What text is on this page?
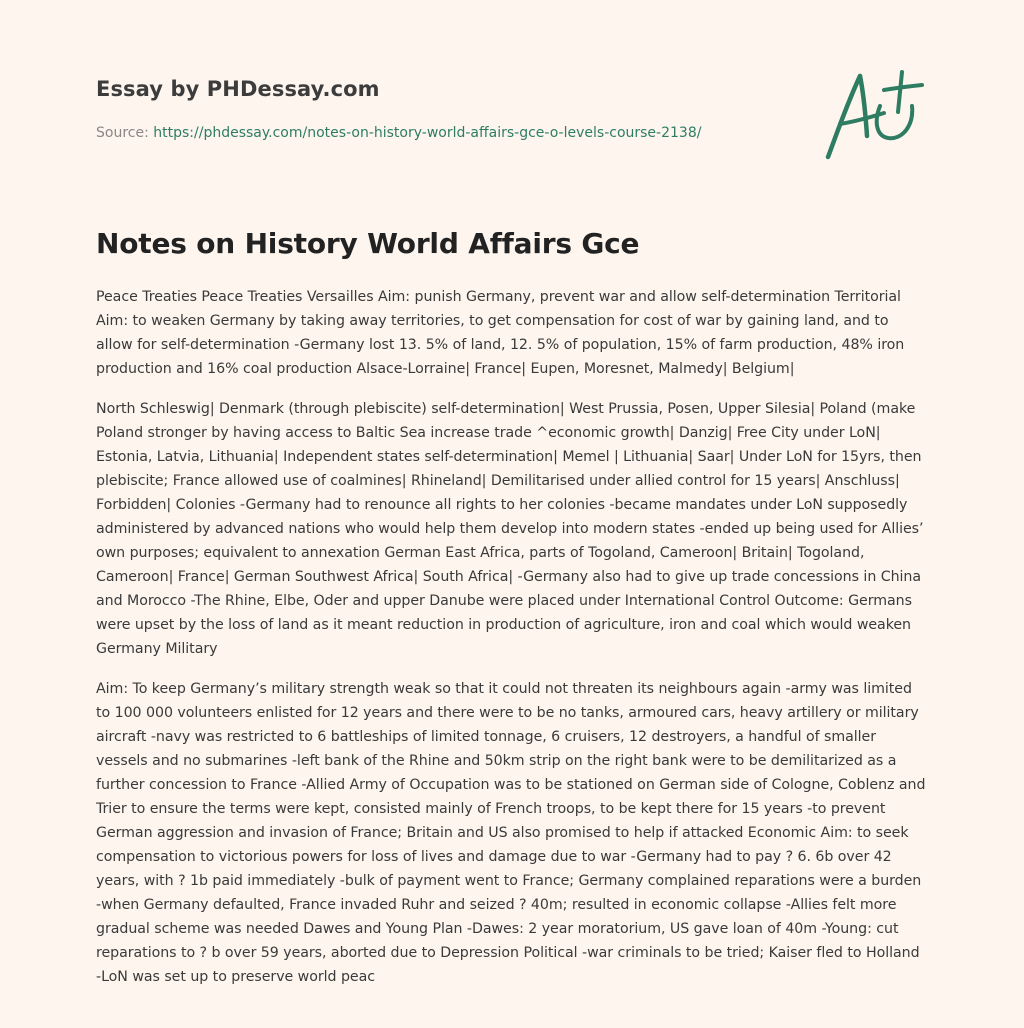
Essay by PHDessay.com
Source: https://phdessay.com/notes-on-history-world-affairs-gce-o-levels-course-2138/
Notes on History World Affairs Gce

Peace Treaties Peace Treaties Versailles Aim: punish Germany, prevent war and allow self-determination Territorial Aim: to weaken Germany by taking away territories, to get compensation for cost of war by gaining land, and to allow for self-determination -Germany lost 13. 5% of land, 12. 5% of population, 15% of farm production, 48% iron production and 16% coal production Alsace-Lorraine| France| Eupen, Moresnet, Malmedy| Belgium|

North Schleswig| Denmark (through plebiscite) self-determination| West Prussia, Posen, Upper Silesia| Poland (make Poland stronger by having access to Baltic Sea increase trade ^economic growth| Danzig| Free City under LoN| Estonia, Latvia, Lithuania| Independent states self-determination| Memel | Lithuania| Saar| Under LoN for 15yrs, then plebiscite; France allowed use of coalmines| Rhineland| Demilitarised under allied control for 15 years| Anschluss| Forbidden| Colonies -Germany had to renounce all rights to her colonies -became mandates under LoN supposedly administered by advanced nations who would help them develop into modern states -ended up being used for Allies’ own purposes; equivalent to annexation German East Africa, parts of Togoland, Cameroon| Britain| Togoland, Cameroon| France| German Southwest Africa| South Africa| -Germany also had to give up trade concessions in China and Morocco -The Rhine, Elbe, Oder and upper Danube were placed under International Control Outcome: Germans were upset by the loss of land as it meant reduction in production of agriculture, iron and coal which would weaken Germany Military

Aim: To keep Germany’s military strength weak so that it could not threaten its neighbours again -army was limited to 100 000 volunteers enlisted for 12 years and there were to be no tanks, armoured cars, heavy artillery or military aircraft -navy was restricted to 6 battleships of limited tonnage, 6 cruisers, 12 destroyers, a handful of smaller vessels and no submarines -left bank of the Rhine and 50km strip on the right bank were to be demilitarized as a further concession to France -Allied Army of Occupation was to be stationed on German side of Cologne, Coblenz and Trier to ensure the terms were kept, consisted mainly of French troops, to be kept there for 15 years -to prevent German aggression and invasion of France; Britain and US also promised to help if attacked Economic Aim: to seek compensation to victorious powers for loss of lives and damage due to war -Germany had to pay ? 6. 6b over 42 years, with ? 1b paid immediately -bulk of payment went to France; Germany complained reparations were a burden -when Germany defaulted, France invaded Ruhr and seized ? 40m; resulted in economic collapse -Allies felt more gradual scheme was needed Dawes and Young Plan -Dawes: 2 year moratorium, US gave loan of 40m -Young: cut reparations to ? b over 59 years, aborted due to Depression Political -war criminals to be tried; Kaiser fled to Holland -LoN was set up to preserve world peac
